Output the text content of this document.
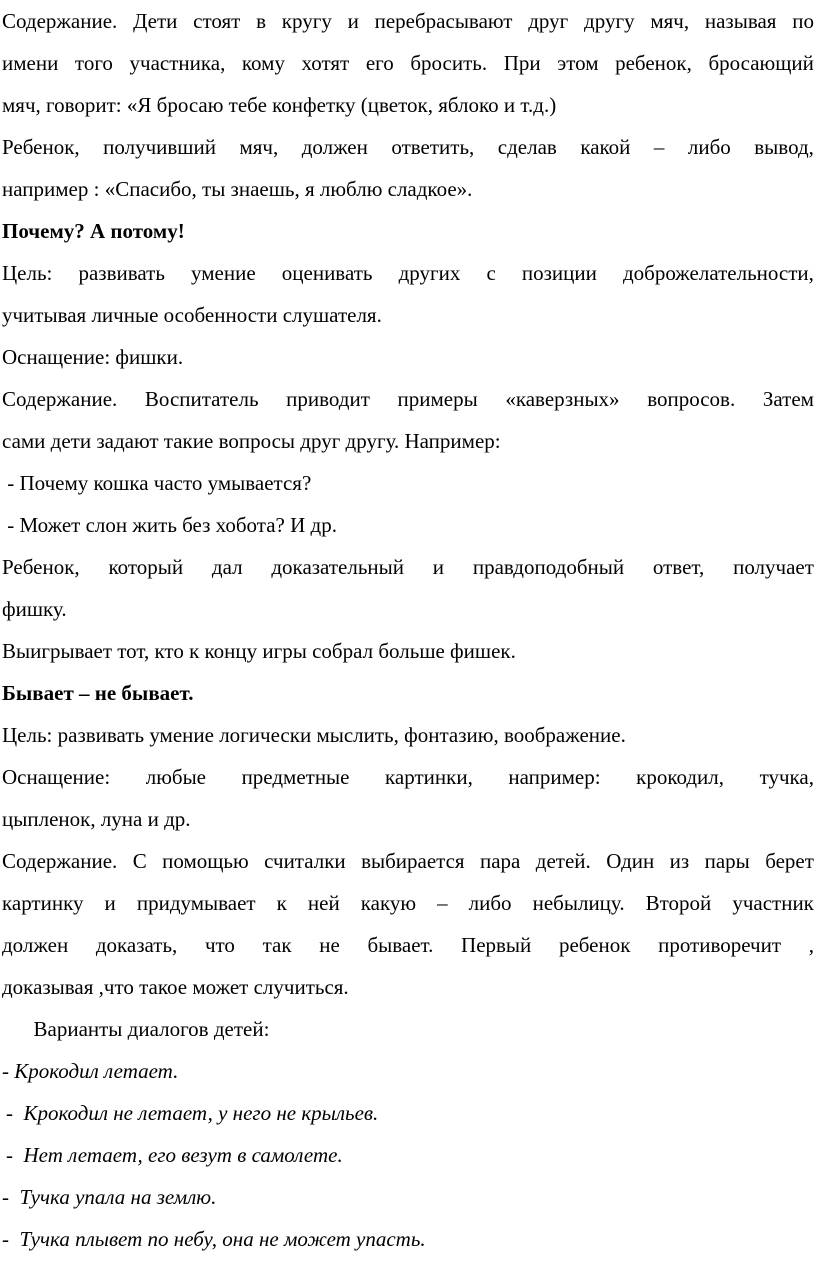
Содержание. Дети стоят в кругу и перебрасывают друг другу мяч, называя по
имени того участника, кому хотят его бросить. При этом ребенок, бросающий
мяч, говорит: «Я бросаю тебе конфетку (цветок, яблоко и т.д.)
Ребенок, получивший мяч, должен ответить, сделав какой – либо вывод,
например : «Спасибо, ты знаешь, я люблю сладкое».
Почему? А потому!
Цель: развивать умение оценивать других с позиции доброжелательности,
учитывая личные особенности слушателя.
Оснащение: фишки.
Содержание. Воспитатель приводит примеры «каверзных» вопросов. Затем
сами дети задают такие вопросы друг другу. Например:
- Почему кошка часто умывается?
- Может слон жить без хобота? И др.
Ребенок, который дал доказательный и правдоподобный ответ, получает
фишку.
Выигрывает тот, кто к концу игры собрал больше фишек.
Бывает – не бывает.
Цель: развивать умение логически мыслить, фонтазию, воображение.
Оснащение: любые предметные картинки, например: крокодил, тучка,
цыпленок, луна и др.
Содержание. С помощью считалки выбирается пара детей. Один из пары берет
картинку и придумывает к ней какую – либо небылицу. Второй участник
должен доказать, что так не бывает. Первый ребенок противоречит ,
доказывая ,что такое может случиться.
Варианты диалогов детей:
- Крокодил летает.
-  Крокодил не летает, у него не крыльев.
-  Нет летает, его везут в самолете.
-  Тучка упала на землю.
-  Тучка плывет по небу, она не может упасть.
